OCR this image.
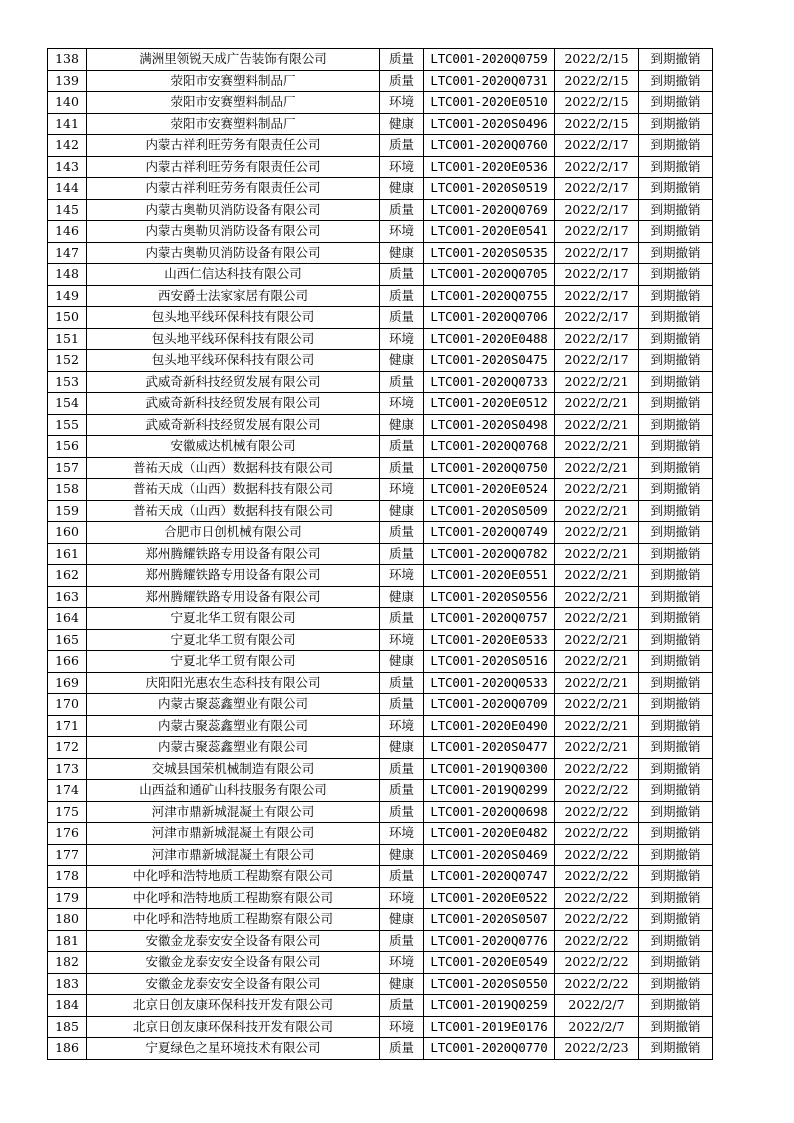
138	满洲里领锐天成广告装饰有限公司	质量	LTC001-2020Q0759	2022/2/15	到期撤销
139	荥阳市安赛塑料制品厂	质量	LTC001-2020Q0731	2022/2/15	到期撤销
140	荥阳市安赛塑料制品厂	环境	LTC001-2020E0510	2022/2/15	到期撤销
141	荥阳市安赛塑料制品厂	健康	LTC001-2020S0496	2022/2/15	到期撤销
142	内蒙古祥利旺劳务有限责任公司	质量	LTC001-2020Q0760	2022/2/17	到期撤销
143	内蒙古祥利旺劳务有限责任公司	环境	LTC001-2020E0536	2022/2/17	到期撤销
144	内蒙古祥利旺劳务有限责任公司	健康	LTC001-2020S0519	2022/2/17	到期撤销
145	内蒙古奥勒贝消防设备有限公司	质量	LTC001-2020Q0769	2022/2/17	到期撤销
146	内蒙古奥勒贝消防设备有限公司	环境	LTC001-2020E0541	2022/2/17	到期撤销
147	内蒙古奥勒贝消防设备有限公司	健康	LTC001-2020S0535	2022/2/17	到期撤销
148	山西仁信达科技有限公司	质量	LTC001-2020Q0705	2022/2/17	到期撤销
149	西安爵士法家家居有限公司	质量	LTC001-2020Q0755	2022/2/17	到期撤销
150	包头地平线环保科技有限公司	质量	LTC001-2020Q0706	2022/2/17	到期撤销
151	包头地平线环保科技有限公司	环境	LTC001-2020E0488	2022/2/17	到期撤销
152	包头地平线环保科技有限公司	健康	LTC001-2020S0475	2022/2/17	到期撤销
153	武威奇新科技经贸发展有限公司	质量	LTC001-2020Q0733	2022/2/21	到期撤销
154	武威奇新科技经贸发展有限公司	环境	LTC001-2020E0512	2022/2/21	到期撤销
155	武威奇新科技经贸发展有限公司	健康	LTC001-2020S0498	2022/2/21	到期撤销
156	安徽威达机械有限公司	质量	LTC001-2020Q0768	2022/2/21	到期撤销
157	普祐天成（山西）数据科技有限公司	质量	LTC001-2020Q0750	2022/2/21	到期撤销
158	普祐天成（山西）数据科技有限公司	环境	LTC001-2020E0524	2022/2/21	到期撤销
159	普祐天成（山西）数据科技有限公司	健康	LTC001-2020S0509	2022/2/21	到期撤销
160	合肥市日创机械有限公司	质量	LTC001-2020Q0749	2022/2/21	到期撤销
161	郑州腾耀铁路专用设备有限公司	质量	LTC001-2020Q0782	2022/2/21	到期撤销
162	郑州腾耀铁路专用设备有限公司	环境	LTC001-2020E0551	2022/2/21	到期撤销
163	郑州腾耀铁路专用设备有限公司	健康	LTC001-2020S0556	2022/2/21	到期撤销
164	宁夏北华工贸有限公司	质量	LTC001-2020Q0757	2022/2/21	到期撤销
165	宁夏北华工贸有限公司	环境	LTC001-2020E0533	2022/2/21	到期撤销
166	宁夏北华工贸有限公司	健康	LTC001-2020S0516	2022/2/21	到期撤销
169	庆阳阳光惠农生态科技有限公司	质量	LTC001-2020Q0533	2022/2/21	到期撤销
170	内蒙古聚蕊鑫塑业有限公司	质量	LTC001-2020Q0709	2022/2/21	到期撤销
171	内蒙古聚蕊鑫塑业有限公司	环境	LTC001-2020E0490	2022/2/21	到期撤销
172	内蒙古聚蕊鑫塑业有限公司	健康	LTC001-2020S0477	2022/2/21	到期撤销
173	交城县国荣机械制造有限公司	质量	LTC001-2019Q0300	2022/2/22	到期撤销
174	山西益和通矿山科技服务有限公司	质量	LTC001-2019Q0299	2022/2/22	到期撤销
175	河津市鼎新城混凝土有限公司	质量	LTC001-2020Q0698	2022/2/22	到期撤销
176	河津市鼎新城混凝土有限公司	环境	LTC001-2020E0482	2022/2/22	到期撤销
177	河津市鼎新城混凝土有限公司	健康	LTC001-2020S0469	2022/2/22	到期撤销
178	中化呼和浩特地质工程勘察有限公司	质量	LTC001-2020Q0747	2022/2/22	到期撤销
179	中化呼和浩特地质工程勘察有限公司	环境	LTC001-2020E0522	2022/2/22	到期撤销
180	中化呼和浩特地质工程勘察有限公司	健康	LTC001-2020S0507	2022/2/22	到期撤销
181	安徽金龙泰安安全设备有限公司	质量	LTC001-2020Q0776	2022/2/22	到期撤销
182	安徽金龙泰安安全设备有限公司	环境	LTC001-2020E0549	2022/2/22	到期撤销
183	安徽金龙泰安安全设备有限公司	健康	LTC001-2020S0550	2022/2/22	到期撤销
184	北京日创友康环保科技开发有限公司	质量	LTC001-2019Q0259	2022/2/7	到期撤销
185	北京日创友康环保科技开发有限公司	环境	LTC001-2019E0176	2022/2/7	到期撤销
186	宁夏绿色之星环境技术有限公司	质量	LTC001-2020Q0770	2022/2/23	到期撤销
